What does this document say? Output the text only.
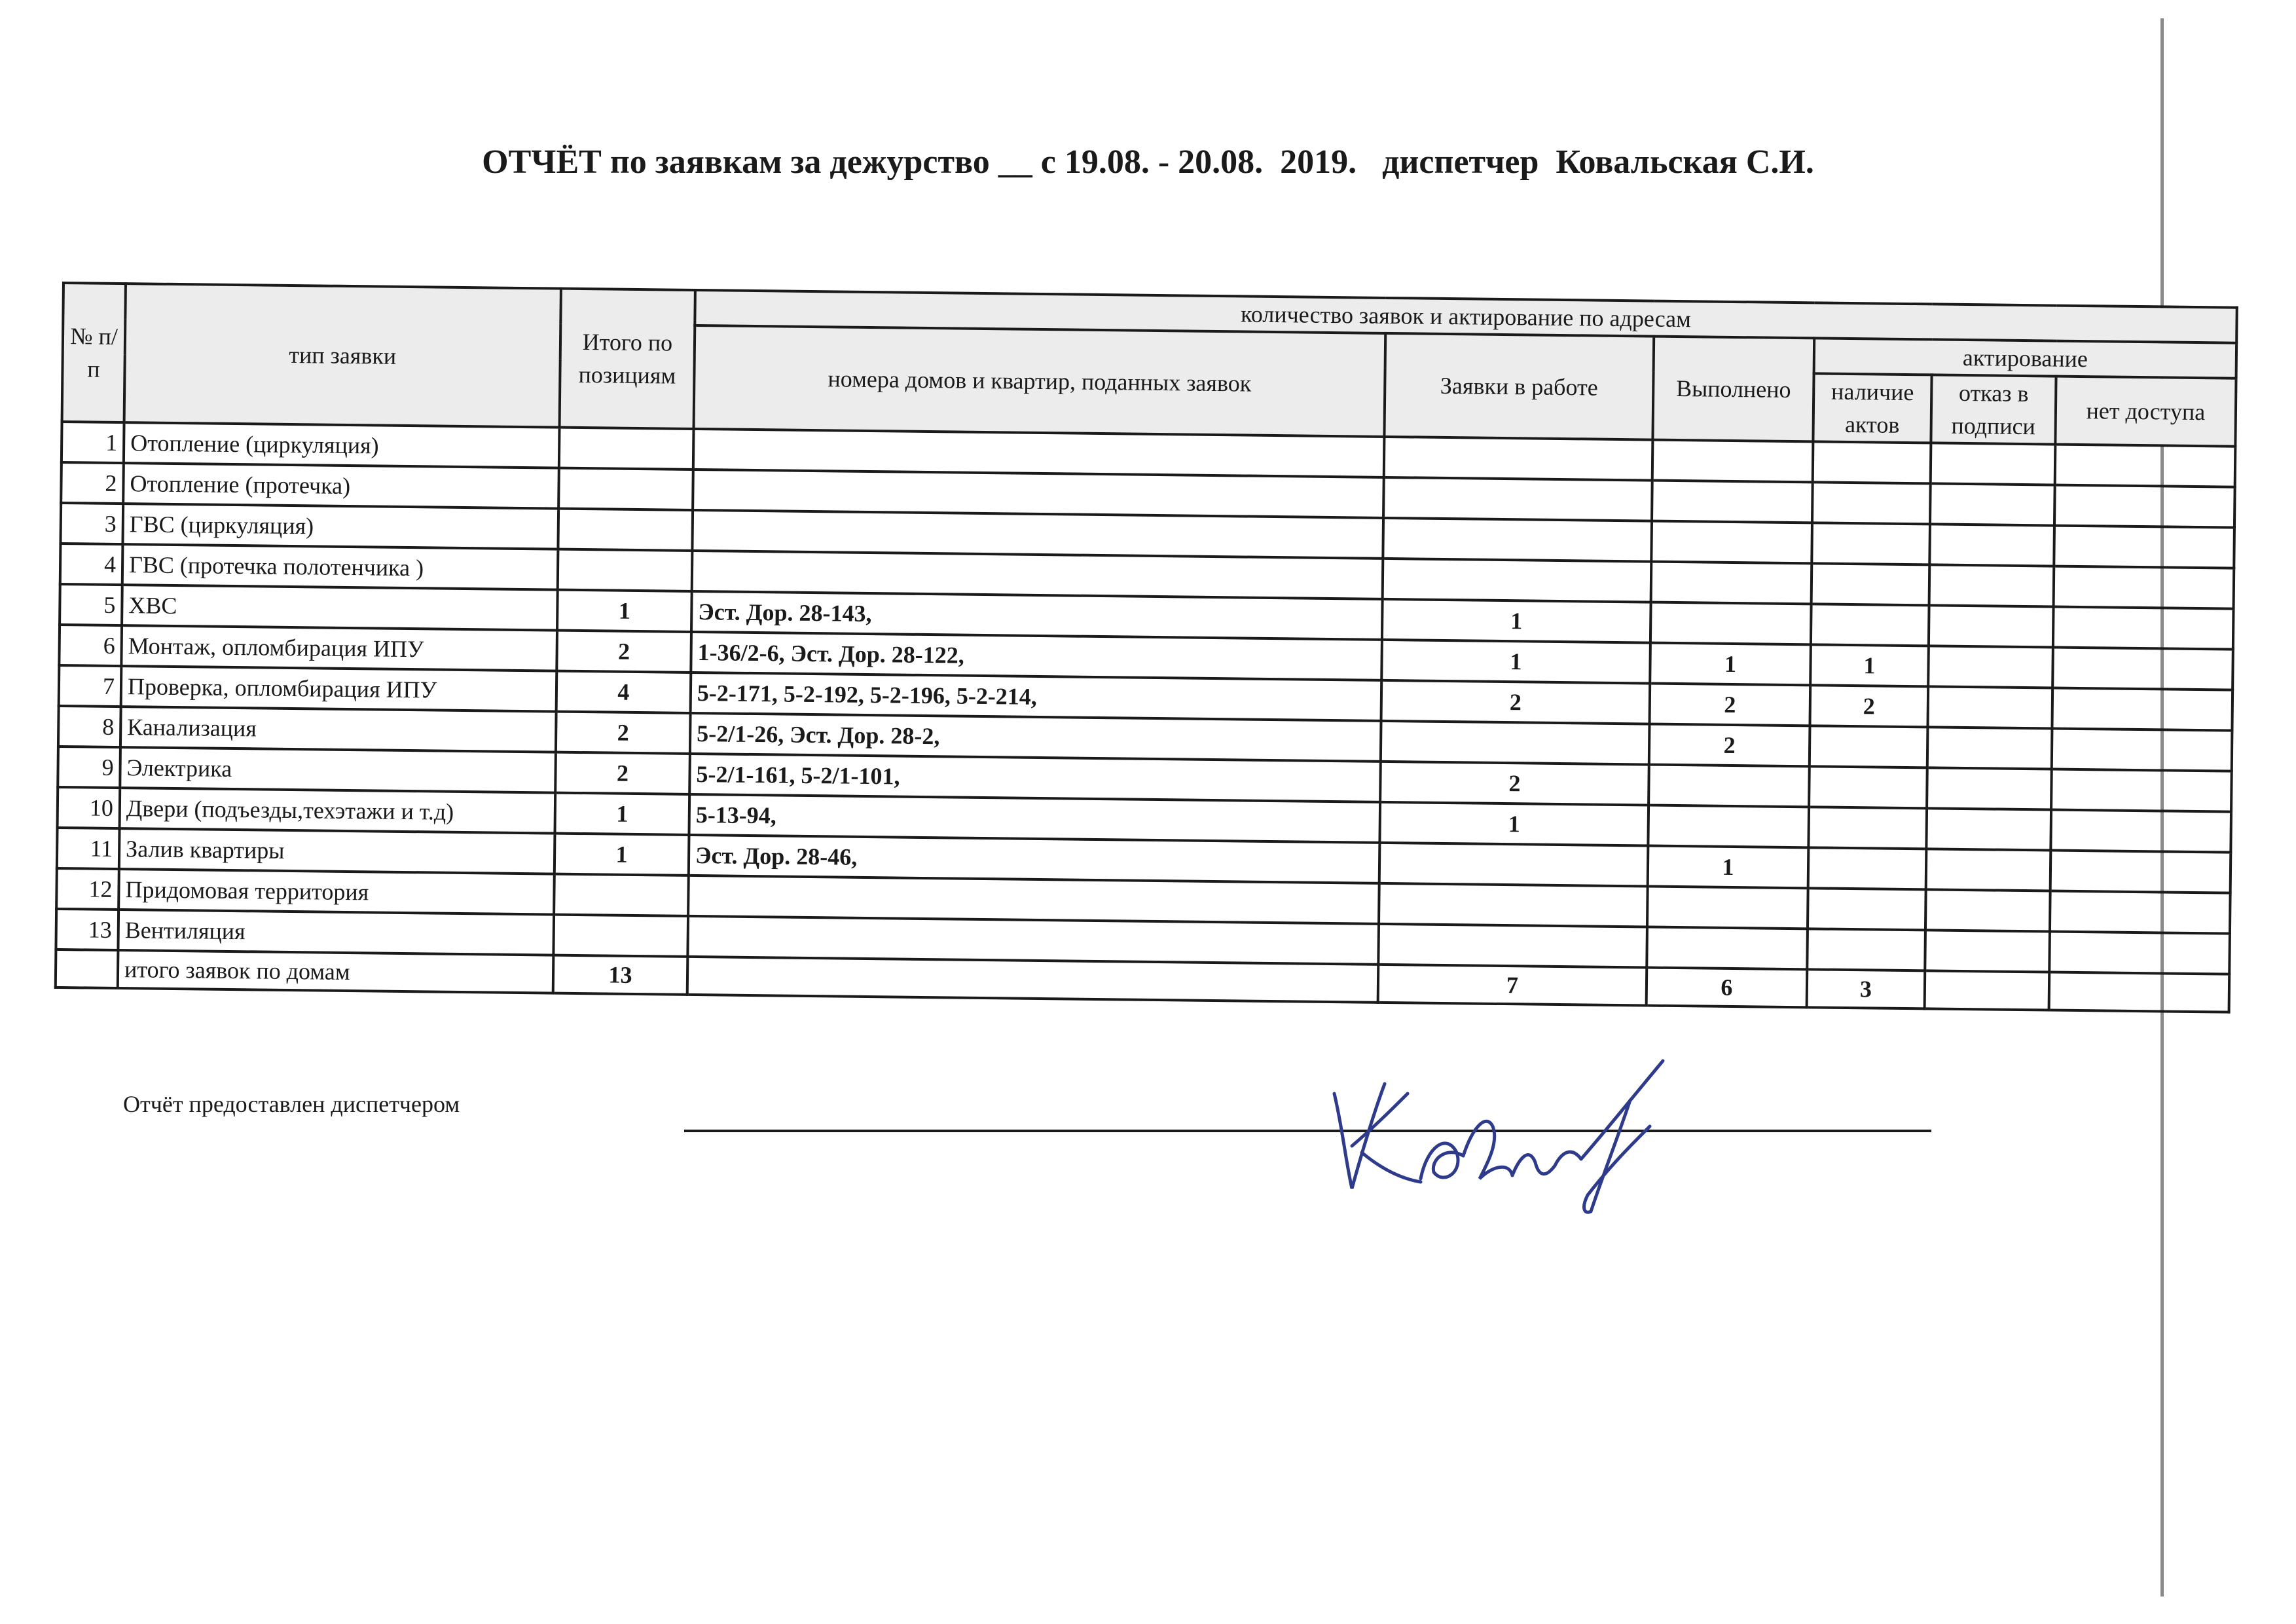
ОТЧЁТ по заявкам за дежурство __ с 19.08. - 20.08.  2019.   диспетчер  Ковальская С.И.
№ п/п	тип заявки	Итого по позициям	количество заявок и актирование по адресам					
			номера домов и квартир, поданных заявок	Заявки в работе	Выполнено	актирование		
						наличие актов	отказ в подписи	нет доступа
1	Отопление (циркуляция)							
2	Отопление (протечка)							
3	ГВС (циркуляция)							
4	ГВС (протечка полотенчика )							
5	ХВС	1	Эст. Дор. 28-143,	1				
6	Монтаж, опломбирация ИПУ	2	1-36/2-6, Эст. Дор. 28-122,	1	1	1		
7	Проверка, опломбирация ИПУ	4	5-2-171, 5-2-192, 5-2-196, 5-2-214,	2	2	2		
8	Канализация	2	5-2/1-26, Эст. Дор. 28-2,		2			
9	Электрика	2	5-2/1-161, 5-2/1-101,	2				
10	Двери (подъезды,техэтажи и т.д)	1	5-13-94,	1				
11	Залив квартиры	1	Эст. Дор. 28-46,		1			
12	Придомовая территория							
13	Вентиляция							
	итого заявок по домам	13		7	6	3		
Отчёт предоставлен диспетчером
